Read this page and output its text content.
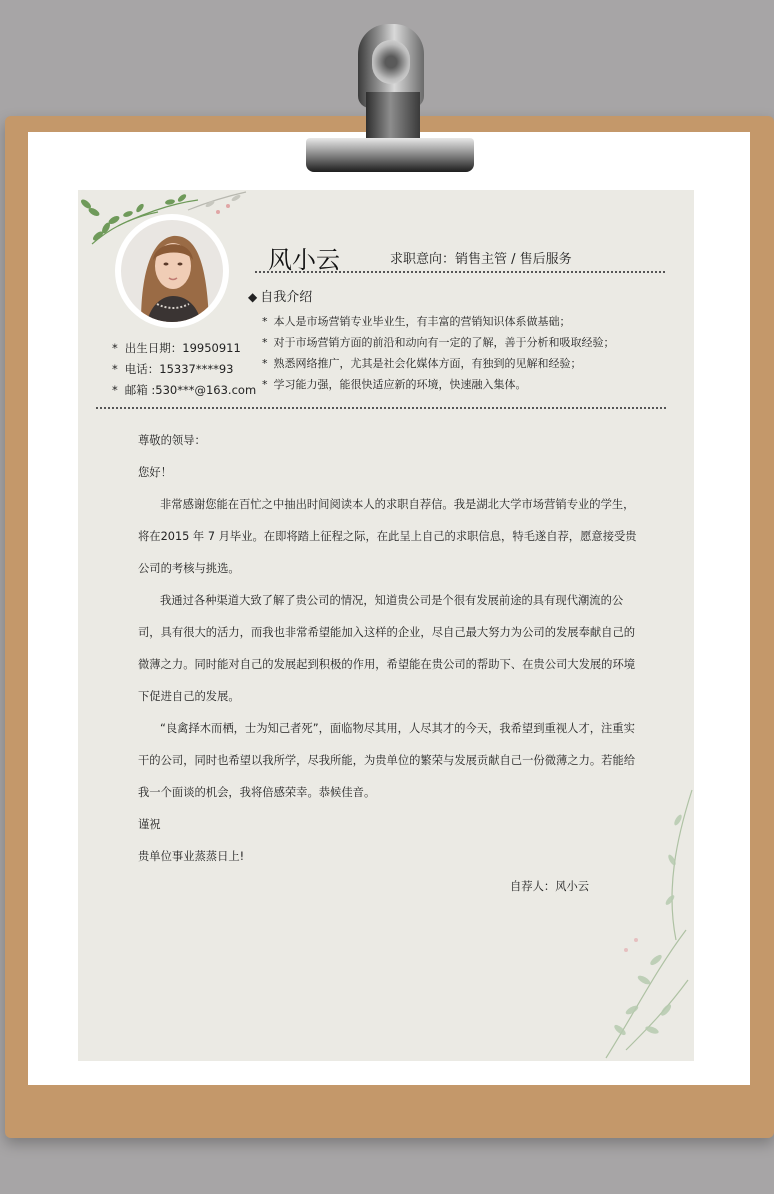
风小云	求职意向：销售主管 / 售后服务
◆ 自我介绍
* 本人是市场营销专业毕业生，有丰富的营销知识体系做基础；
* 对于市场营销方面的前沿和动向有一定的了解，善于分析和吸取经验；
* 熟悉网络推广，尤其是社会化媒体方面，有独到的见解和经验；
* 学习能力强，能很快适应新的环境，快速融入集体。
* 出生日期：19950911
* 电话：15337****93
* 邮箱 :530***@163.com

尊敬的领导：

您好！

非常感谢您能在百忙之中抽出时间阅读本人的求职自荐信。我是湖北大学市场营销专业的学生，将在2015 年 7 月毕业。在即将踏上征程之际，在此呈上自己的求职信息，特毛遂自荐，愿意接受贵公司的考核与挑选。

我通过各种渠道大致了解了贵公司的情况，知道贵公司是个很有发展前途的具有现代潮流的公司，具有很大的活力，而我也非常希望能加入这样的企业，尽自己最大努力为公司的发展奉献自己的微薄之力。同时能对自己的发展起到积极的作用，希望能在贵公司的帮助下、在贵公司大发展的环境下促进自己的发展。

“良禽择木而栖，士为知己者死”，面临物尽其用，人尽其才的今天，我希望到重视人才，注重实干的公司，同时也希望以我所学，尽我所能，为贵单位的繁荣与发展贡献自己一份微薄之力。若能给我一个面谈的机会，我将倍感荣幸。恭候佳音。

谨祝

贵单位事业蒸蒸日上!

自荐人：风小云
